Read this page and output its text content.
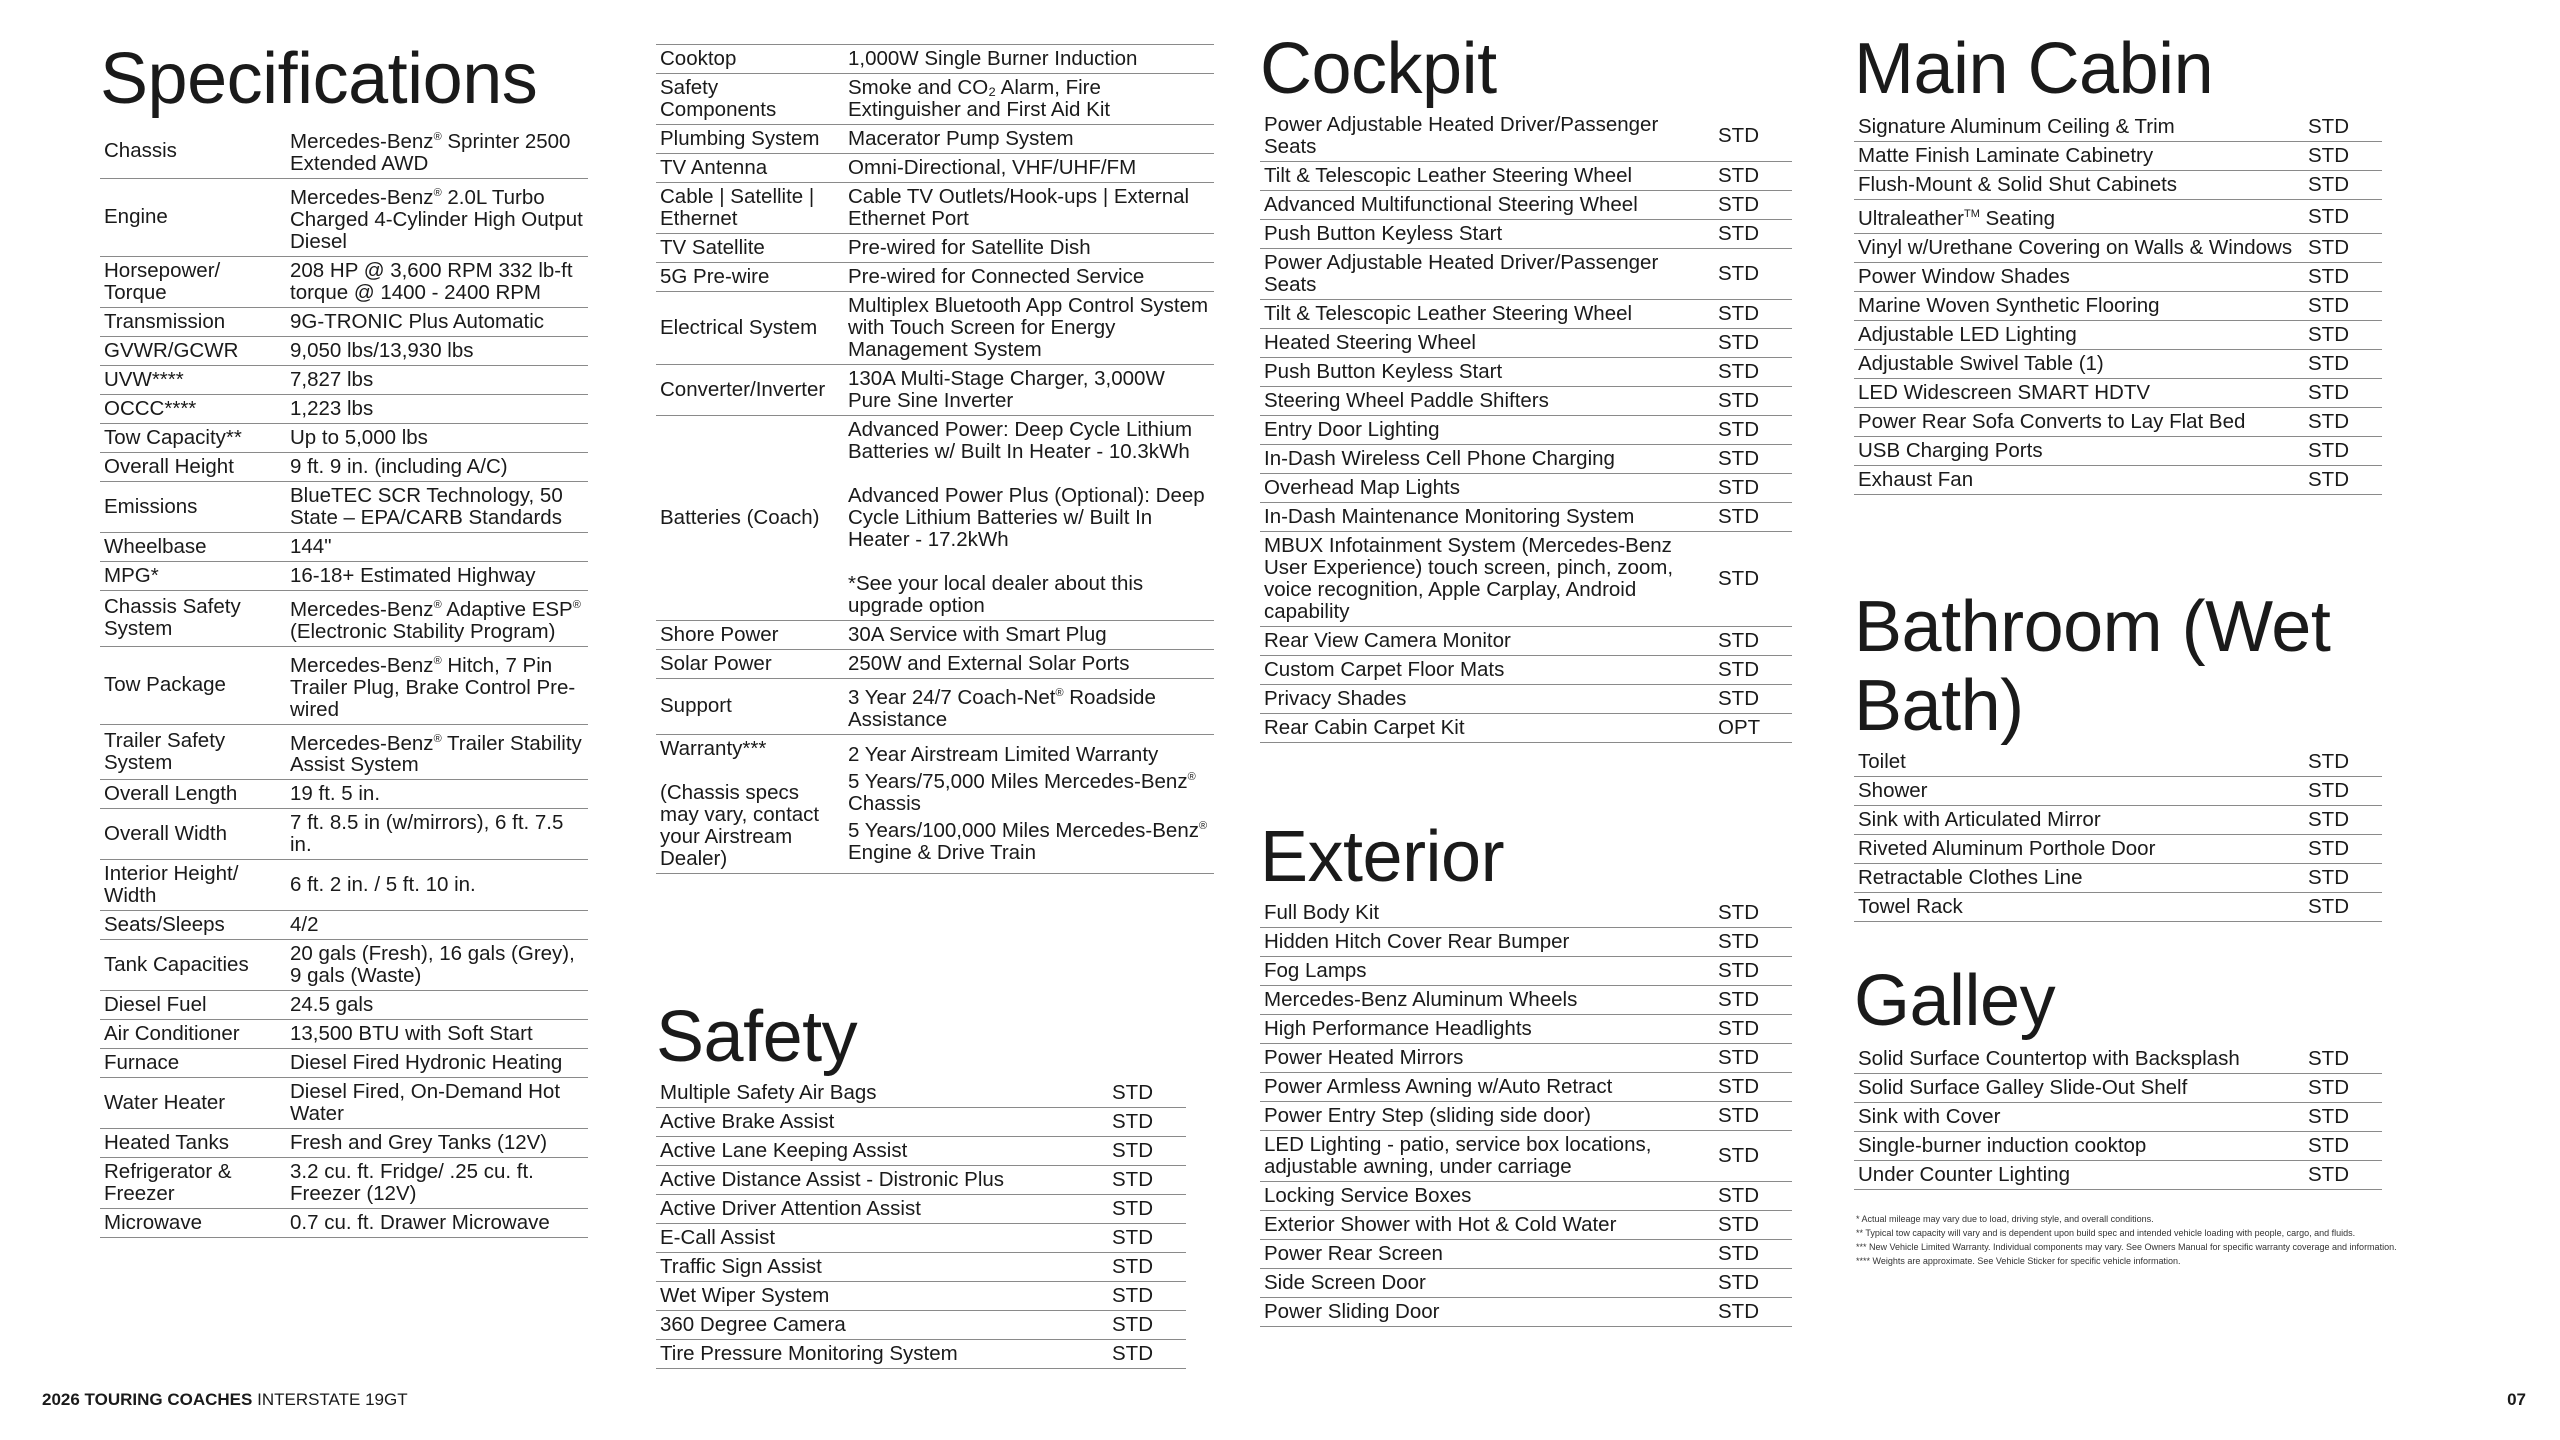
Specifications
Chassis	Mercedes-Benz® Sprinter 2500 Extended AWD
Engine	Mercedes-Benz® 2.0L Turbo Charged 4-Cylinder High Output Diesel
Horsepower/ Torque	208 HP @ 3,600 RPM 332 lb-ft torque @ 1400 - 2400 RPM
Transmission	9G-TRONIC Plus Automatic
GVWR/GCWR	9,050 lbs/13,930 lbs
UVW****	7,827 lbs
OCCC****	1,223 lbs
Tow Capacity**	Up to 5,000 lbs
Overall Height	9 ft. 9 in. (including A/C)
Emissions	BlueTEC SCR Technology, 50 State – EPA/CARB Standards
Wheelbase	144"
MPG*	16-18+ Estimated Highway
Chassis Safety System	Mercedes-Benz® Adaptive ESP® (Electronic Stability Program)
Tow Package	Mercedes-Benz® Hitch, 7 Pin Trailer Plug, Brake Control Pre-wired
Trailer Safety System	Mercedes-Benz® Trailer Stability Assist System
Overall Length	19 ft. 5 in.
Overall Width	7 ft. 8.5 in (w/mirrors), 6 ft. 7.5 in.
Interior Height/ Width	6 ft. 2 in. / 5 ft. 10 in.
Seats/Sleeps	4/2
Tank Capacities	20 gals (Fresh), 16 gals (Grey), 9 gals (Waste)
Diesel Fuel	24.5 gals
Air Conditioner	13,500 BTU with Soft Start
Furnace	Diesel Fired Hydronic Heating
Water Heater	Diesel Fired, On-Demand Hot Water
Heated Tanks	Fresh and Grey Tanks (12V)
Refrigerator & Freezer	3.2 cu. ft. Fridge/ .25 cu. ft. Freezer (12V)
Microwave	0.7 cu. ft. Drawer Microwave
Cooktop	1,000W Single Burner Induction
Safety Components	Smoke and CO₂ Alarm, Fire Extinguisher and First Aid Kit
Plumbing System	Macerator Pump System
TV Antenna	Omni-Directional, VHF/UHF/FM
Cable | Satellite | Ethernet	Cable TV Outlets/Hook-ups | External Ethernet Port
TV Satellite	Pre-wired for Satellite Dish
5G Pre-wire	Pre-wired for Connected Service
Electrical System	Multiplex Bluetooth App Control System with Touch Screen for Energy Management System
Converter/Inverter	130A Multi-Stage Charger, 3,000W Pure Sine Inverter
Batteries (Coach)	Advanced Power: Deep Cycle Lithium Batteries w/ Built In Heater - 10.3kWh

Advanced Power Plus (Optional): Deep Cycle Lithium Batteries w/ Built In Heater - 17.2kWh

*See your local dealer about this upgrade option
Shore Power	30A Service with Smart Plug
Solar Power	250W and External Solar Ports
Support	3 Year 24/7 Coach-Net® Roadside Assistance
Warranty***

(Chassis specs may vary, contact your Airstream Dealer)	2 Year Airstream Limited Warranty
5 Years/75,000 Miles Mercedes-Benz® Chassis
5 Years/100,000 Miles Mercedes-Benz® Engine & Drive Train
Safety
Multiple Safety Air Bags	STD
Active Brake Assist	STD
Active Lane Keeping Assist	STD
Active Distance Assist - Distronic Plus	STD
Active Driver Attention Assist	STD
E-Call Assist	STD
Traffic Sign Assist	STD
Wet Wiper System	STD
360 Degree Camera	STD
Tire Pressure Monitoring System	STD
Cockpit
Power Adjustable Heated Driver/Passenger Seats	STD
Tilt & Telescopic Leather Steering Wheel	STD
Advanced Multifunctional Steering Wheel	STD
Push Button Keyless Start	STD
Power Adjustable Heated Driver/Passenger Seats	STD
Tilt & Telescopic Leather Steering Wheel	STD
Heated Steering Wheel	STD
Push Button Keyless Start	STD
Steering Wheel Paddle Shifters	STD
Entry Door Lighting	STD
In-Dash Wireless Cell Phone Charging	STD
Overhead Map Lights	STD
In-Dash Maintenance Monitoring System	STD
MBUX Infotainment System (Mercedes-Benz User Experience) touch screen, pinch, zoom, voice recognition, Apple Carplay, Android capability	STD
Rear View Camera Monitor	STD
Custom Carpet Floor Mats	STD
Privacy Shades	STD
Rear Cabin Carpet Kit	OPT
Exterior
Full Body Kit	STD
Hidden Hitch Cover Rear Bumper	STD
Fog Lamps	STD
Mercedes-Benz Aluminum Wheels	STD
High Performance Headlights	STD
Power Heated Mirrors	STD
Power Armless Awning w/Auto Retract	STD
Power Entry Step (sliding side door)	STD
LED Lighting - patio, service box locations, adjustable awning, under carriage	STD
Locking Service Boxes	STD
Exterior Shower with Hot & Cold Water	STD
Power Rear Screen	STD
Side Screen Door	STD
Power Sliding Door	STD
Main Cabin
Signature Aluminum Ceiling & Trim	STD
Matte Finish Laminate Cabinetry	STD
Flush-Mount & Solid Shut Cabinets	STD
Ultraleather™ Seating	STD
Vinyl w/Urethane Covering on Walls & Windows	STD
Power Window Shades	STD
Marine Woven Synthetic Flooring	STD
Adjustable LED Lighting	STD
Adjustable Swivel Table (1)	STD
LED Widescreen SMART HDTV	STD
Power Rear Sofa Converts to Lay Flat Bed	STD
USB Charging Ports	STD
Exhaust Fan	STD
Bathroom (Wet Bath)
Toilet	STD
Shower	STD
Sink with Articulated Mirror	STD
Riveted Aluminum Porthole Door	STD
Retractable Clothes Line	STD
Towel Rack	STD
Galley
Solid Surface Countertop with Backsplash	STD
Solid Surface Galley Slide-Out Shelf	STD
Sink with Cover	STD
Single-burner induction cooktop	STD
Under Counter Lighting	STD
* Actual mileage may vary due to load, driving style, and overall conditions.
** Typical tow capacity will vary and is dependent upon build spec and intended vehicle loading with people, cargo, and fluids.
*** New Vehicle Limited Warranty. Individual components may vary. See Owners Manual for specific warranty coverage and information.
**** Weights are approximate. See Vehicle Sticker for specific vehicle information.
2026 TOURING COACHES INTERSTATE 19GT	07
